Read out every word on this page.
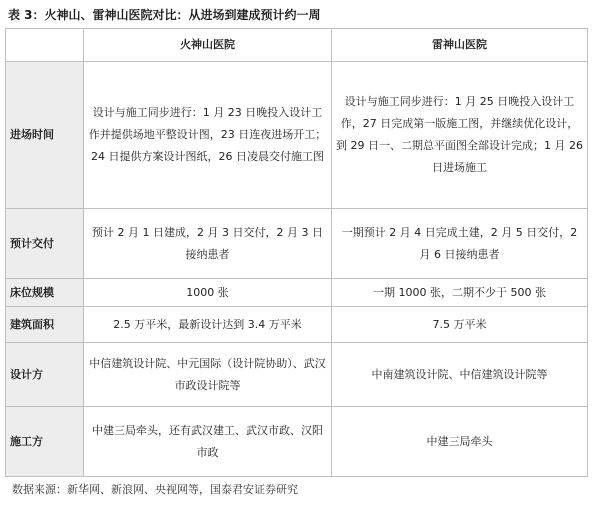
表 3：火神山、雷神山医院对比：从进场到建成预计约一周
	火神山医院	雷神山医院
进场时间	设计与施工同步进行：1 月 23 日晚投入设计工作并提供场地平整设计图，23 日连夜进场开工；24 日提供方案设计图纸，26 日凌晨交付施工图	设计与施工同步进行：1 月 25 日晚投入设计工作，27 日完成第一版施工图，并继续优化设计，到 29 日一、二期总平面图全部设计完成；1 月 26 日进场施工
预计交付	预计 2 月 1 日建成，2 月 3 日交付，2 月 3 日接纳患者	一期预计 2 月 4 日完成土建，2 月 5 日交付，2 月 6 日接纳患者
床位规模	1000 张	一期 1000 张，二期不少于 500 张
建筑面积	2.5 万平米，最新设计达到 3.4 万平米	7.5 万平米
设计方	中信建筑设计院、中元国际（设计院协助）、武汉市政设计院等	中南建筑设计院、中信建筑设计院等
施工方	中建三局牵头，还有武汉建工、武汉市政、汉阳市政	中建三局牵头
数据来源：新华网、新浪网、央视网等，国泰君安证券研究
